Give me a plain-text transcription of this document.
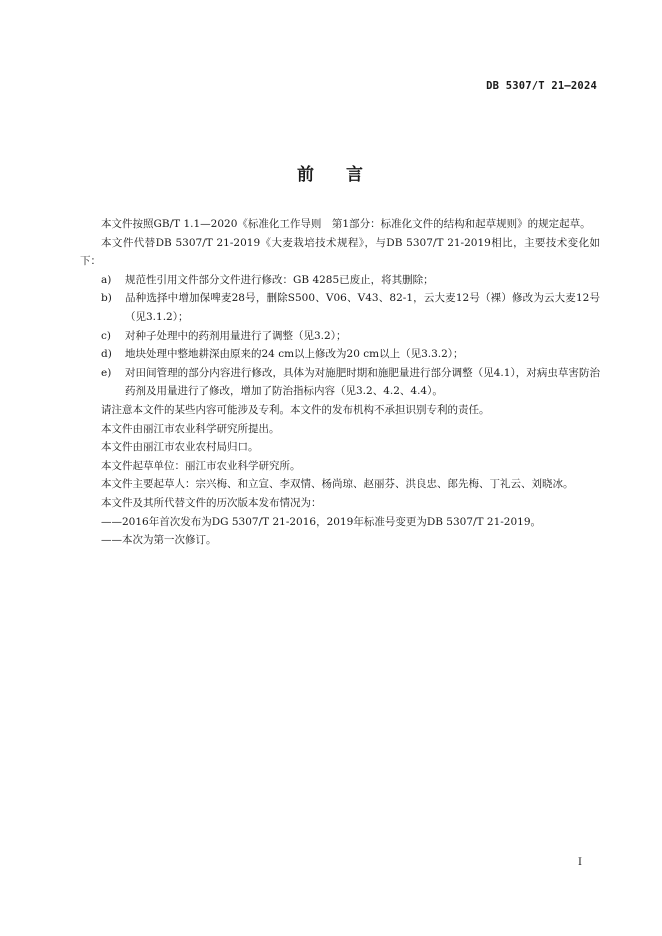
DB 5307/T 21—2024
前 言

本文件按照GB/T 1.1—2020《标准化工作导则　第1部分：标准化文件的结构和起草规则》的规定起草。

本文件代替DB 5307/T 21-2019《大麦栽培技术规程》，与DB 5307/T 21-2019相比，主要技术变化如下：

a)	规范性引用文件部分文件进行修改：GB 4285已废止，将其删除；
b)	品种选择中增加保啤麦28号，删除S500、V06、V43、82-1，云大麦12号（裸）修改为云大麦12号（见3.1.2）；
c)	对种子处理中的药剂用量进行了调整（见3.2）；
d)	地块处理中整地耕深由原来的24 cm以上修改为20 cm以上（见3.3.2）；
e)	对田间管理的部分内容进行修改，具体为对施肥时期和施肥量进行部分调整（见4.1），对病虫草害防治药剂及用量进行了修改，增加了防治指标内容（见3.2、4.2、4.4）。

请注意本文件的某些内容可能涉及专利。本文件的发布机构不承担识别专利的责任。

本文件由丽江市农业科学研究所提出。

本文件由丽江市农业农村局归口。

本文件起草单位：丽江市农业科学研究所。

本文件主要起草人：宗兴梅、和立宣、李双情、杨尚琼、赵丽芬、洪良忠、郎先梅、丁礼云、刘晓冰。

本文件及其所代替文件的历次版本发布情况为：

——2016年首次发布为DG 5307/T 21-2016，2019年标准号变更为DB 5307/T 21-2019。

——本次为第一次修订。

I
